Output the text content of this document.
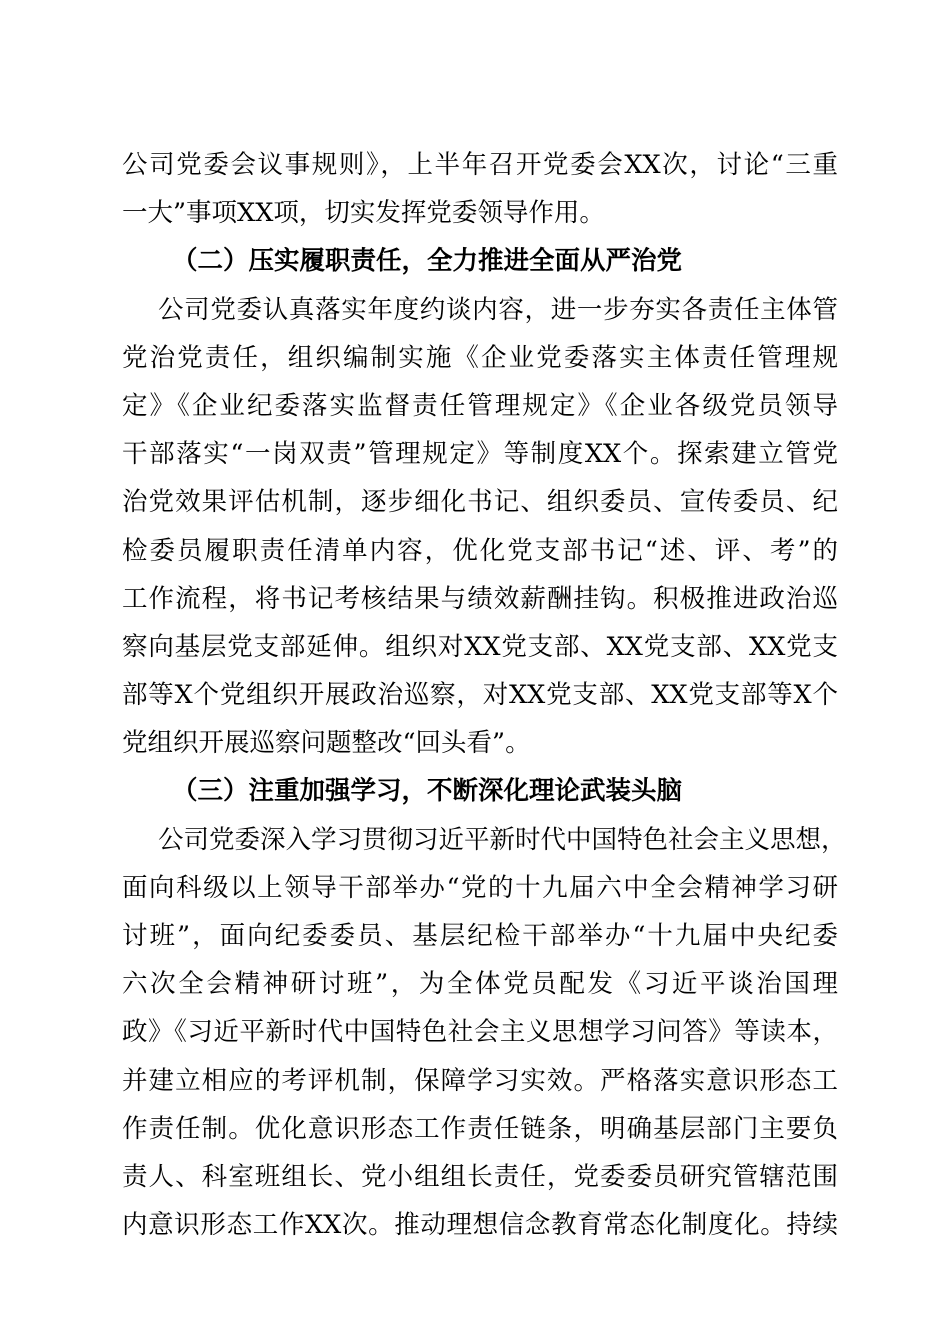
公司党委会议事规则》，上半年召开党委会XX次，讨论“三重
一大”事项XX项，切实发挥党委领导作用。
（二）压实履职责任，全力推进全面从严治党
公司党委认真落实年度约谈内容，进一步夯实各责任主体管
党治党责任，组织编制实施《企业党委落实主体责任管理规
定》《企业纪委落实监督责任管理规定》《企业各级党员领导
干部落实“一岗双责”管理规定》等制度XX个。探索建立管党
治党效果评估机制，逐步细化书记、组织委员、宣传委员、纪
检委员履职责任清单内容，优化党支部书记“述、评、考”的
工作流程，将书记考核结果与绩效薪酬挂钩。积极推进政治巡
察向基层党支部延伸。组织对XX党支部、XX党支部、XX党支
部等X个党组织开展政治巡察，对XX党支部、XX党支部等X个
党组织开展巡察问题整改“回头看”。
（三）注重加强学习，不断深化理论武装头脑
公司党委深入学习贯彻习近平新时代中国特色社会主义思想，
面向科级以上领导干部举办“党的十九届六中全会精神学习研
讨班”，面向纪委委员、基层纪检干部举办“十九届中央纪委
六次全会精神研讨班”，为全体党员配发《习近平谈治国理
政》《习近平新时代中国特色社会主义思想学习问答》等读本，
并建立相应的考评机制，保障学习实效。严格落实意识形态工
作责任制。优化意识形态工作责任链条，明确基层部门主要负
责人、科室班组长、党小组组长责任，党委委员研究管辖范围
内意识形态工作XX次。推动理想信念教育常态化制度化。持续
